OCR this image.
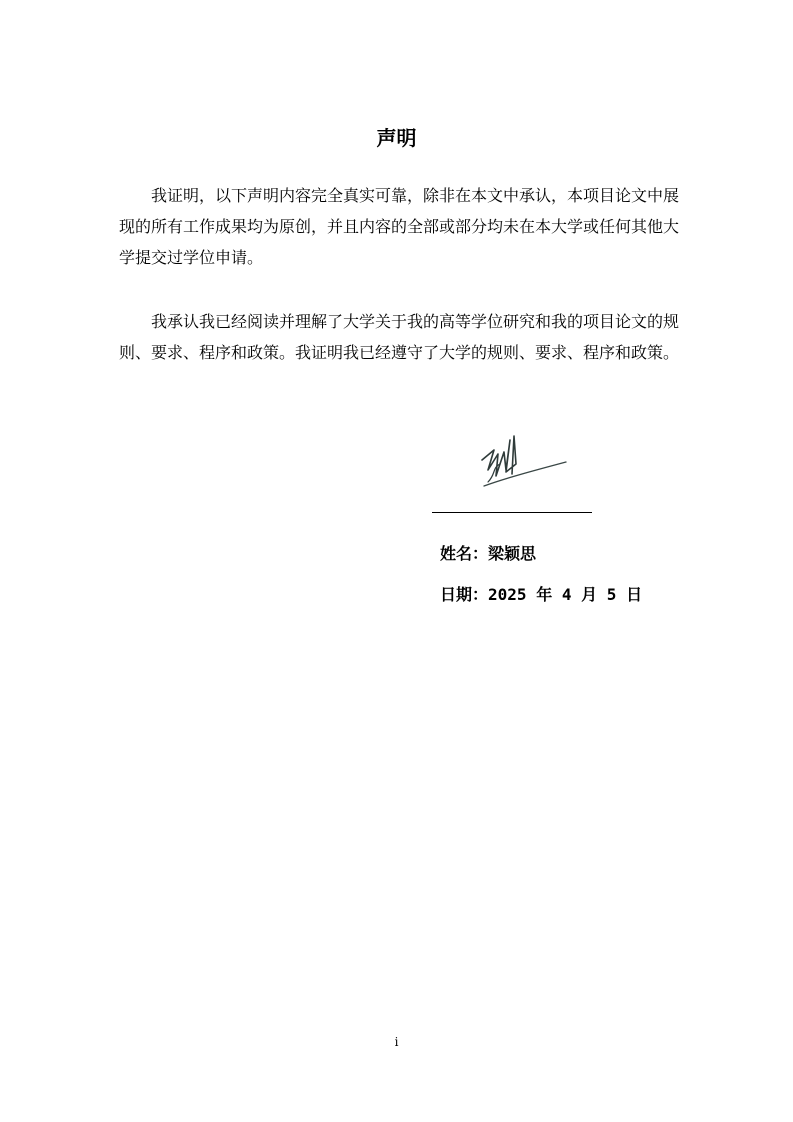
声明

我证明，以下声明内容完全真实可靠，除非在本文中承认，本项目论文中展现的所有工作成果均为原创，并且内容的全部或部分均未在本大学或任何其他大学提交过学位申请。

我承认我已经阅读并理解了大学关于我的高等学位研究和我的项目论文的规则、要求、程序和政策。我证明我已经遵守了大学的规则、要求、程序和政策。

姓名：梁颖思
日期：2025 年 4 月 5 日
i
